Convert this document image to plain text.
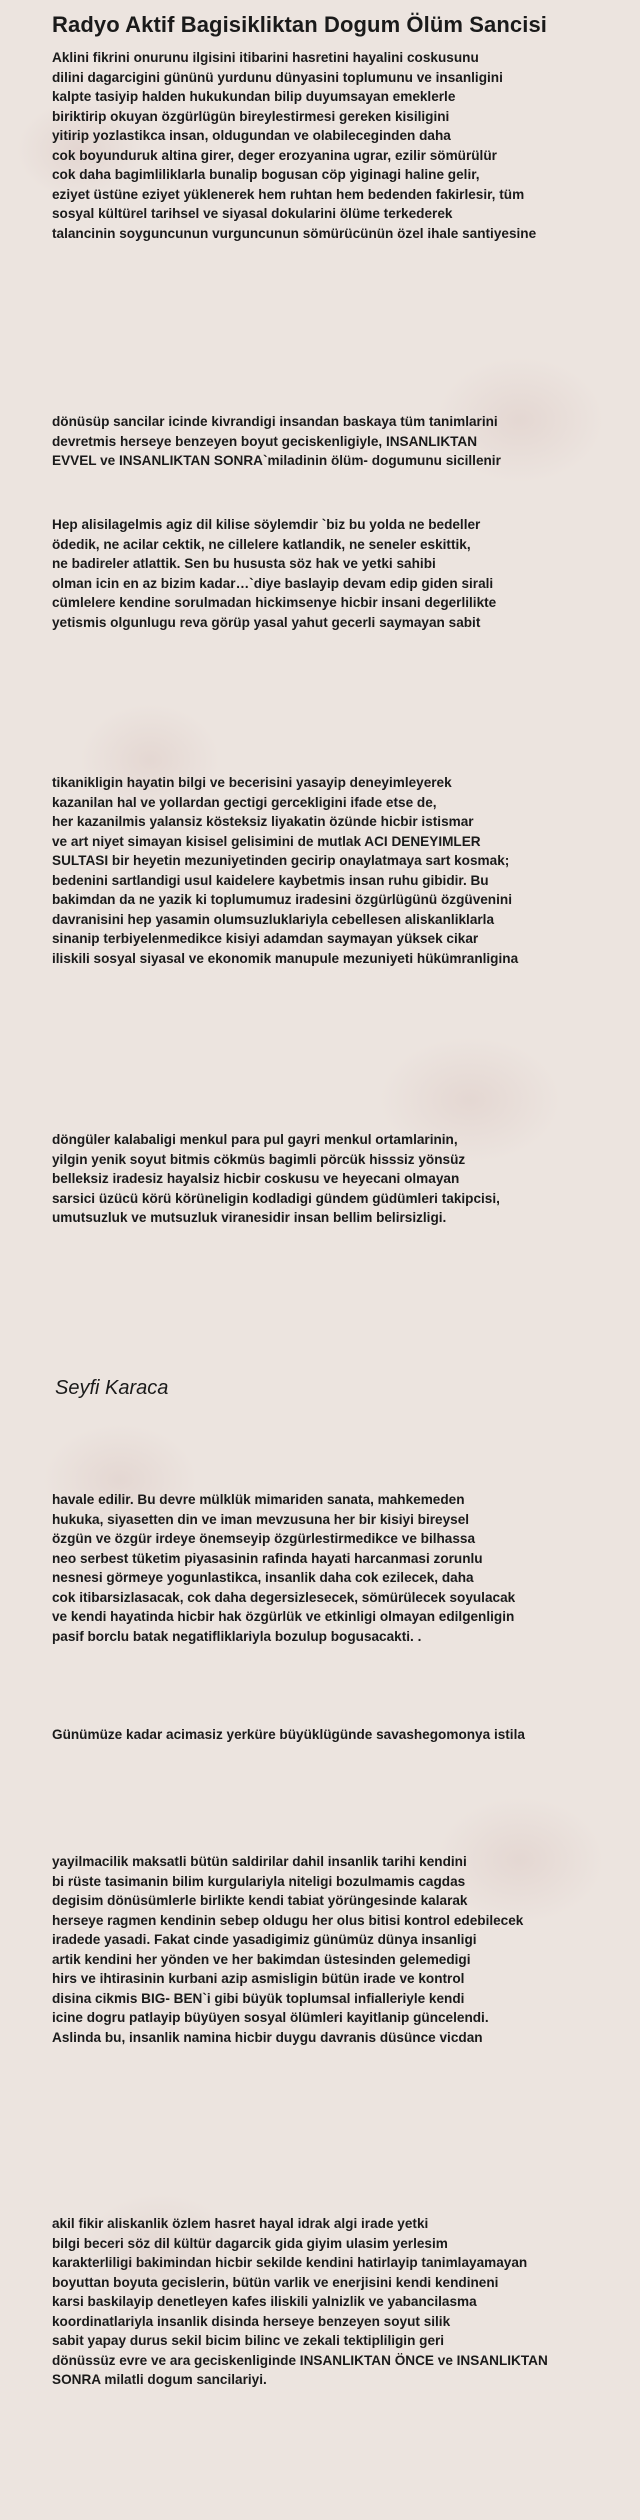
Radyo Aktif Bagisikliktan Dogum Ölüm Sancisi
Aklini fikrini onurunu ilgisini itibarini hasretini hayalini coskusunu
dilini dagarcigini gününü yurdunu dünyasini toplumunu ve insanligini
kalpte tasiyip halden hukukundan bilip duyumsayan emeklerle
biriktirip okuyan özgürlügün bireylestirmesi gereken kisiligini
yitirip yozlastikca insan, oldugundan ve olabileceginden daha
cok boyunduruk altina girer, deger erozyanina ugrar, ezilir sömürülür
cok daha bagimliliklarla bunalip bogusan cöp yiginagi haline gelir,
eziyet üstüne eziyet yüklenerek hem ruhtan hem bedenden fakirlesir, tüm
sosyal kültürel tarihsel ve siyasal dokularini ölüme terkederek
talancinin soyguncunun vurguncunun sömürücünün özel ihale santiyesine
dönüsüp sancilar icinde kivrandigi insandan baskaya tüm tanimlarini
devretmis herseye benzeyen boyut geciskenligiyle, INSANLIKTAN
EVVEL ve INSANLIKTAN SONRA`miladinin ölüm- dogumunu sicillenir
Hep alisilagelmis agiz dil kilise söylemdir `biz bu yolda ne bedeller
ödedik, ne acilar cektik, ne cillelere katlandik, ne seneler eskittik,
ne badireler atlattik. Sen bu hususta söz hak ve yetki sahibi
olman icin en az bizim kadar…`diye baslayip devam edip giden sirali
cümlelere kendine sorulmadan hickimsenye hicbir insani degerlilikte
yetismis olgunlugu reva görüp yasal yahut gecerli saymayan sabit
tikanikligin hayatin bilgi ve becerisini yasayip deneyimleyerek
kazanilan hal ve yollardan gectigi gercekligini ifade etse de,
her kazanilmis yalansiz kösteksiz liyakatin özünde hicbir istismar
ve art niyet simayan kisisel gelisimini de mutlak ACI DENEYIMLER
SULTASI bir heyetin mezuniyetinden gecirip onaylatmaya sart kosmak;
bedenini sartlandigi usul kaidelere kaybetmis insan ruhu gibidir. Bu
bakimdan da ne yazik ki toplumumuz iradesini özgürlügünü özgüvenini
davranisini hep yasamin olumsuzluklariyla cebellesen aliskanliklarla
sinanip terbiyelenmedikce kisiyi adamdan saymayan yüksek cikar
iliskili sosyal siyasal ve ekonomik manupule mezuniyeti hükümranligina
döngüler kalabaligi menkul para pul gayri menkul ortamlarinin,
yilgin yenik soyut bitmis cökmüs bagimli pörcük hisssiz yönsüz
belleksiz iradesiz hayalsiz hicbir coskusu ve heyecani olmayan
sarsici üzücü körü körüneligin kodladigi gündem güdümleri takipcisi,
umutsuzluk ve mutsuzluk viranesidir insan bellim belirsizligi.
Seyfi Karaca
havale edilir. Bu devre mülklük mimariden sanata, mahkemeden
hukuka, siyasetten din ve iman mevzusuna her bir kisiyi bireysel
özgün ve özgür irdeye önemseyip özgürlestirmedikce ve bilhassa
neo serbest tüketim piyasasinin rafinda hayati harcanmasi zorunlu
nesnesi görmeye yogunlastikca, insanlik daha cok ezilecek, daha
cok itibarsizlasacak, cok daha degersizlesecek, sömürülecek soyulacak
ve kendi hayatinda hicbir hak özgürlük ve etkinligi olmayan edilgenligin
pasif borclu batak negatifliklariyla bozulup bogusacakti. .
Günümüze kadar acimasiz yerküre büyüklügünde savashegomonya istila
yayilmacilik maksatli bütün saldirilar dahil insanlik tarihi kendini
bi rüste tasimanin bilim kurgulariyla niteligi bozulmamis cagdas
degisim dönüsümlerle birlikte kendi tabiat yörüngesinde kalarak
herseye ragmen kendinin sebep oldugu her olus bitisi kontrol edebilecek
iradede yasadi. Fakat cinde yasadigimiz günümüz dünya insanligi
artik kendini her yönden ve her bakimdan üstesinden gelemedigi
hirs ve ihtirasinin kurbani azip asmisligin bütün irade ve kontrol
disina cikmis BIG- BEN`i gibi büyük toplumsal infialleriyle kendi
icine dogru patlayip büyüyen sosyal ölümleri kayitlanip güncelendi.
Aslinda bu, insanlik namina hicbir duygu davranis düsünce vicdan
akil fikir aliskanlik özlem hasret hayal idrak algi irade yetki
bilgi beceri söz dil kültür dagarcik gida giyim ulasim yerlesim
karakterliligi bakimindan hicbir sekilde kendini hatirlayip tanimlayamayan
boyuttan boyuta gecislerin, bütün varlik ve enerjisini kendi kendineni
karsi baskilayip denetleyen kafes iliskili yalnizlik ve yabancilasma
koordinatlariyla insanlik disinda herseye benzeyen soyut silik
sabit yapay durus sekil bicim bilinc ve zekali tektipliligin geri
dönüssüz evre ve ara geciskenliginde INSANLIKTAN ÖNCE ve INSANLIKTAN
SONRA milatli dogum sancilariyi.
